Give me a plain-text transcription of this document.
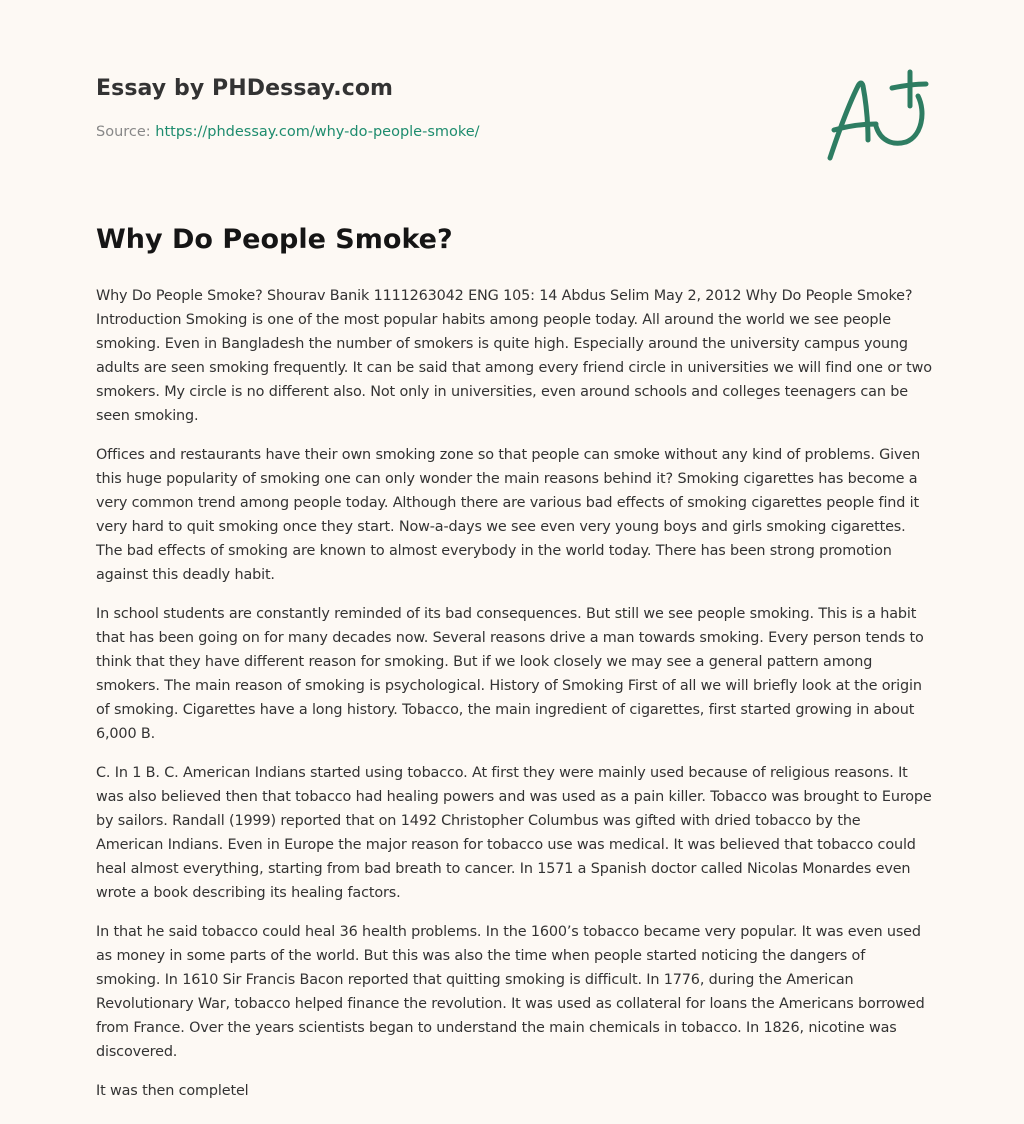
Essay by PHDessay.com
Source: https://phdessay.com/why-do-people-smoke/
Why Do People Smoke?

Why Do People Smoke? Shourav Banik 1111263042 ENG 105: 14 Abdus Selim May 2, 2012 Why Do People Smoke? Introduction Smoking is one of the most popular habits among people today. All around the world we see people smoking. Even in Bangladesh the number of smokers is quite high. Especially around the university campus young adults are seen smoking frequently. It can be said that among every friend circle in universities we will find one or two smokers. My circle is no different also. Not only in universities, even around schools and colleges teenagers can be seen smoking.

Offices and restaurants have their own smoking zone so that people can smoke without any kind of problems. Given this huge popularity of smoking one can only wonder the main reasons behind it? Smoking cigarettes has become a very common trend among people today. Although there are various bad effects of smoking cigarettes people find it very hard to quit smoking once they start. Now-a-days we see even very young boys and girls smoking cigarettes. The bad effects of smoking are known to almost everybody in the world today. There has been strong promotion against this deadly habit.

In school students are constantly reminded of its bad consequences. But still we see people smoking. This is a habit that has been going on for many decades now. Several reasons drive a man towards smoking. Every person tends to think that they have different reason for smoking. But if we look closely we may see a general pattern among smokers. The main reason of smoking is psychological. History of Smoking First of all we will briefly look at the origin of smoking. Cigarettes have a long history. Tobacco, the main ingredient of cigarettes, first started growing in about 6,000 B.

C. In 1 B. C. American Indians started using tobacco. At first they were mainly used because of religious reasons. It was also believed then that tobacco had healing powers and was used as a pain killer. Tobacco was brought to Europe by sailors. Randall (1999) reported that on 1492 Christopher Columbus was gifted with dried tobacco by the American Indians. Even in Europe the major reason for tobacco use was medical. It was believed that tobacco could heal almost everything, starting from bad breath to cancer. In 1571 a Spanish doctor called Nicolas Monardes even wrote a book describing its healing factors.

In that he said tobacco could heal 36 health problems. In the 1600’s tobacco became very popular. It was even used as money in some parts of the world. But this was also the time when people started noticing the dangers of smoking. In 1610 Sir Francis Bacon reported that quitting smoking is difficult. In 1776, during the American Revolutionary War, tobacco helped finance the revolution. It was used as collateral for loans the Americans borrowed from France. Over the years scientists began to understand the main chemicals in tobacco. In 1826, nicotine was discovered.

It was then completel
